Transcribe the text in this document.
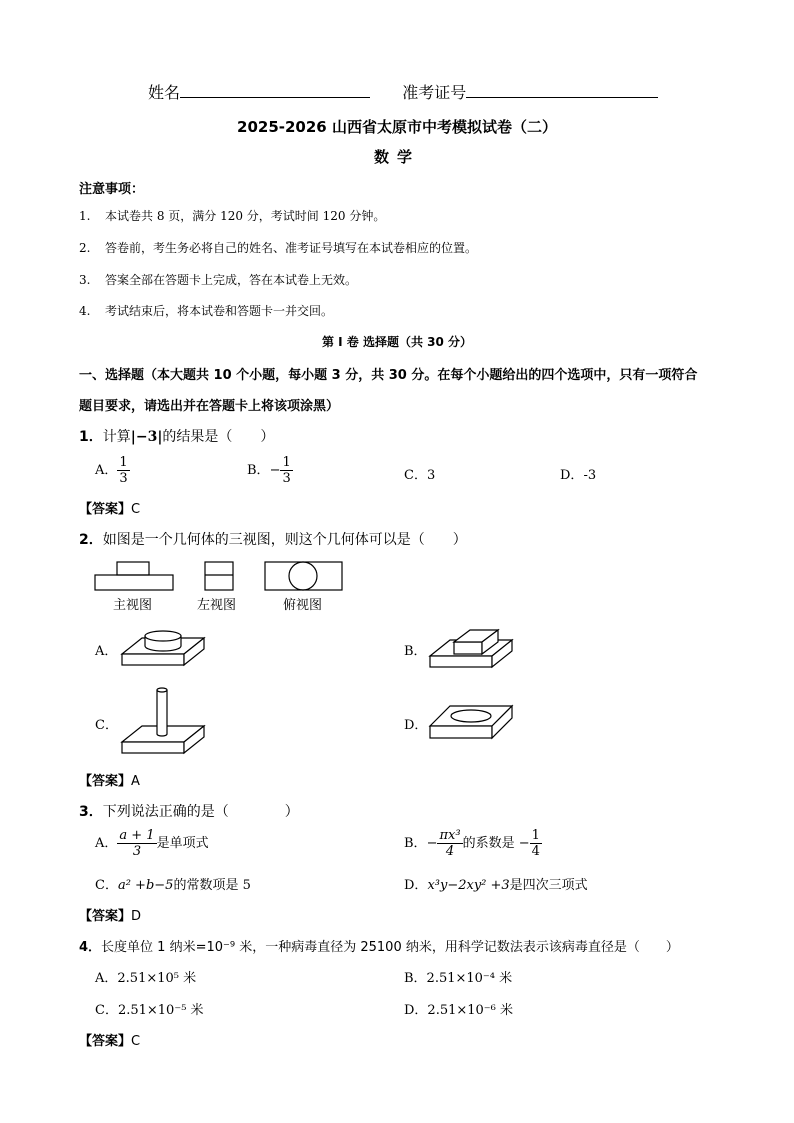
姓名	准考证号
2025-2026 山西省太原市中考模拟试卷（二）
数学
注意事项：
1. 本试卷共 8 页，满分 120 分，考试时间 120 分钟。
2. 答卷前，考生务必将自己的姓名、准考证号填写在本试卷相应的位置。
3. 答案全部在答题卡上完成，答在本试卷上无效。
4. 考试结束后，将本试卷和答题卡一并交回。
第 I 卷 选择题（共 30 分）
一、选择题（本大题共 10 个小题，每小题 3 分，共 30 分。在每个小题给出的四个选项中，只有一项符合
题目要求，请选出并在答题卡上将该项涂黑）
1．计算|−3|的结果是（　　）
A． $\frac{1}{3}$	B．− $\frac{1}{3}$	C．3	D．-3
【答案】C
2．如图是一个几何体的三视图，则这个几何体可以是（　　）
主视图	左视图	俯视图
A．	B．
C．	D．
【答案】A
3．下列说法正确的是（　　　　）
A． $\frac{a + 1}{3}$ 是单项式	B．− $\frac{\text{πx³}}{4}$ 的系数是 − $\frac{1}{4}$
C．a² +b−5的常数项是 5	D．x³y−2xy² +3是四次三项式
【答案】D
4．长度单位 1 纳米=10⁻⁹ 米，一种病毒直径为 25100 纳米，用科学记数法表示该病毒直径是（　　）
A．2.51×10⁵ 米	B．2.51×10⁻⁴ 米
C．2.51×10⁻⁵ 米	D．2.51×10⁻⁶ 米
【答案】C
